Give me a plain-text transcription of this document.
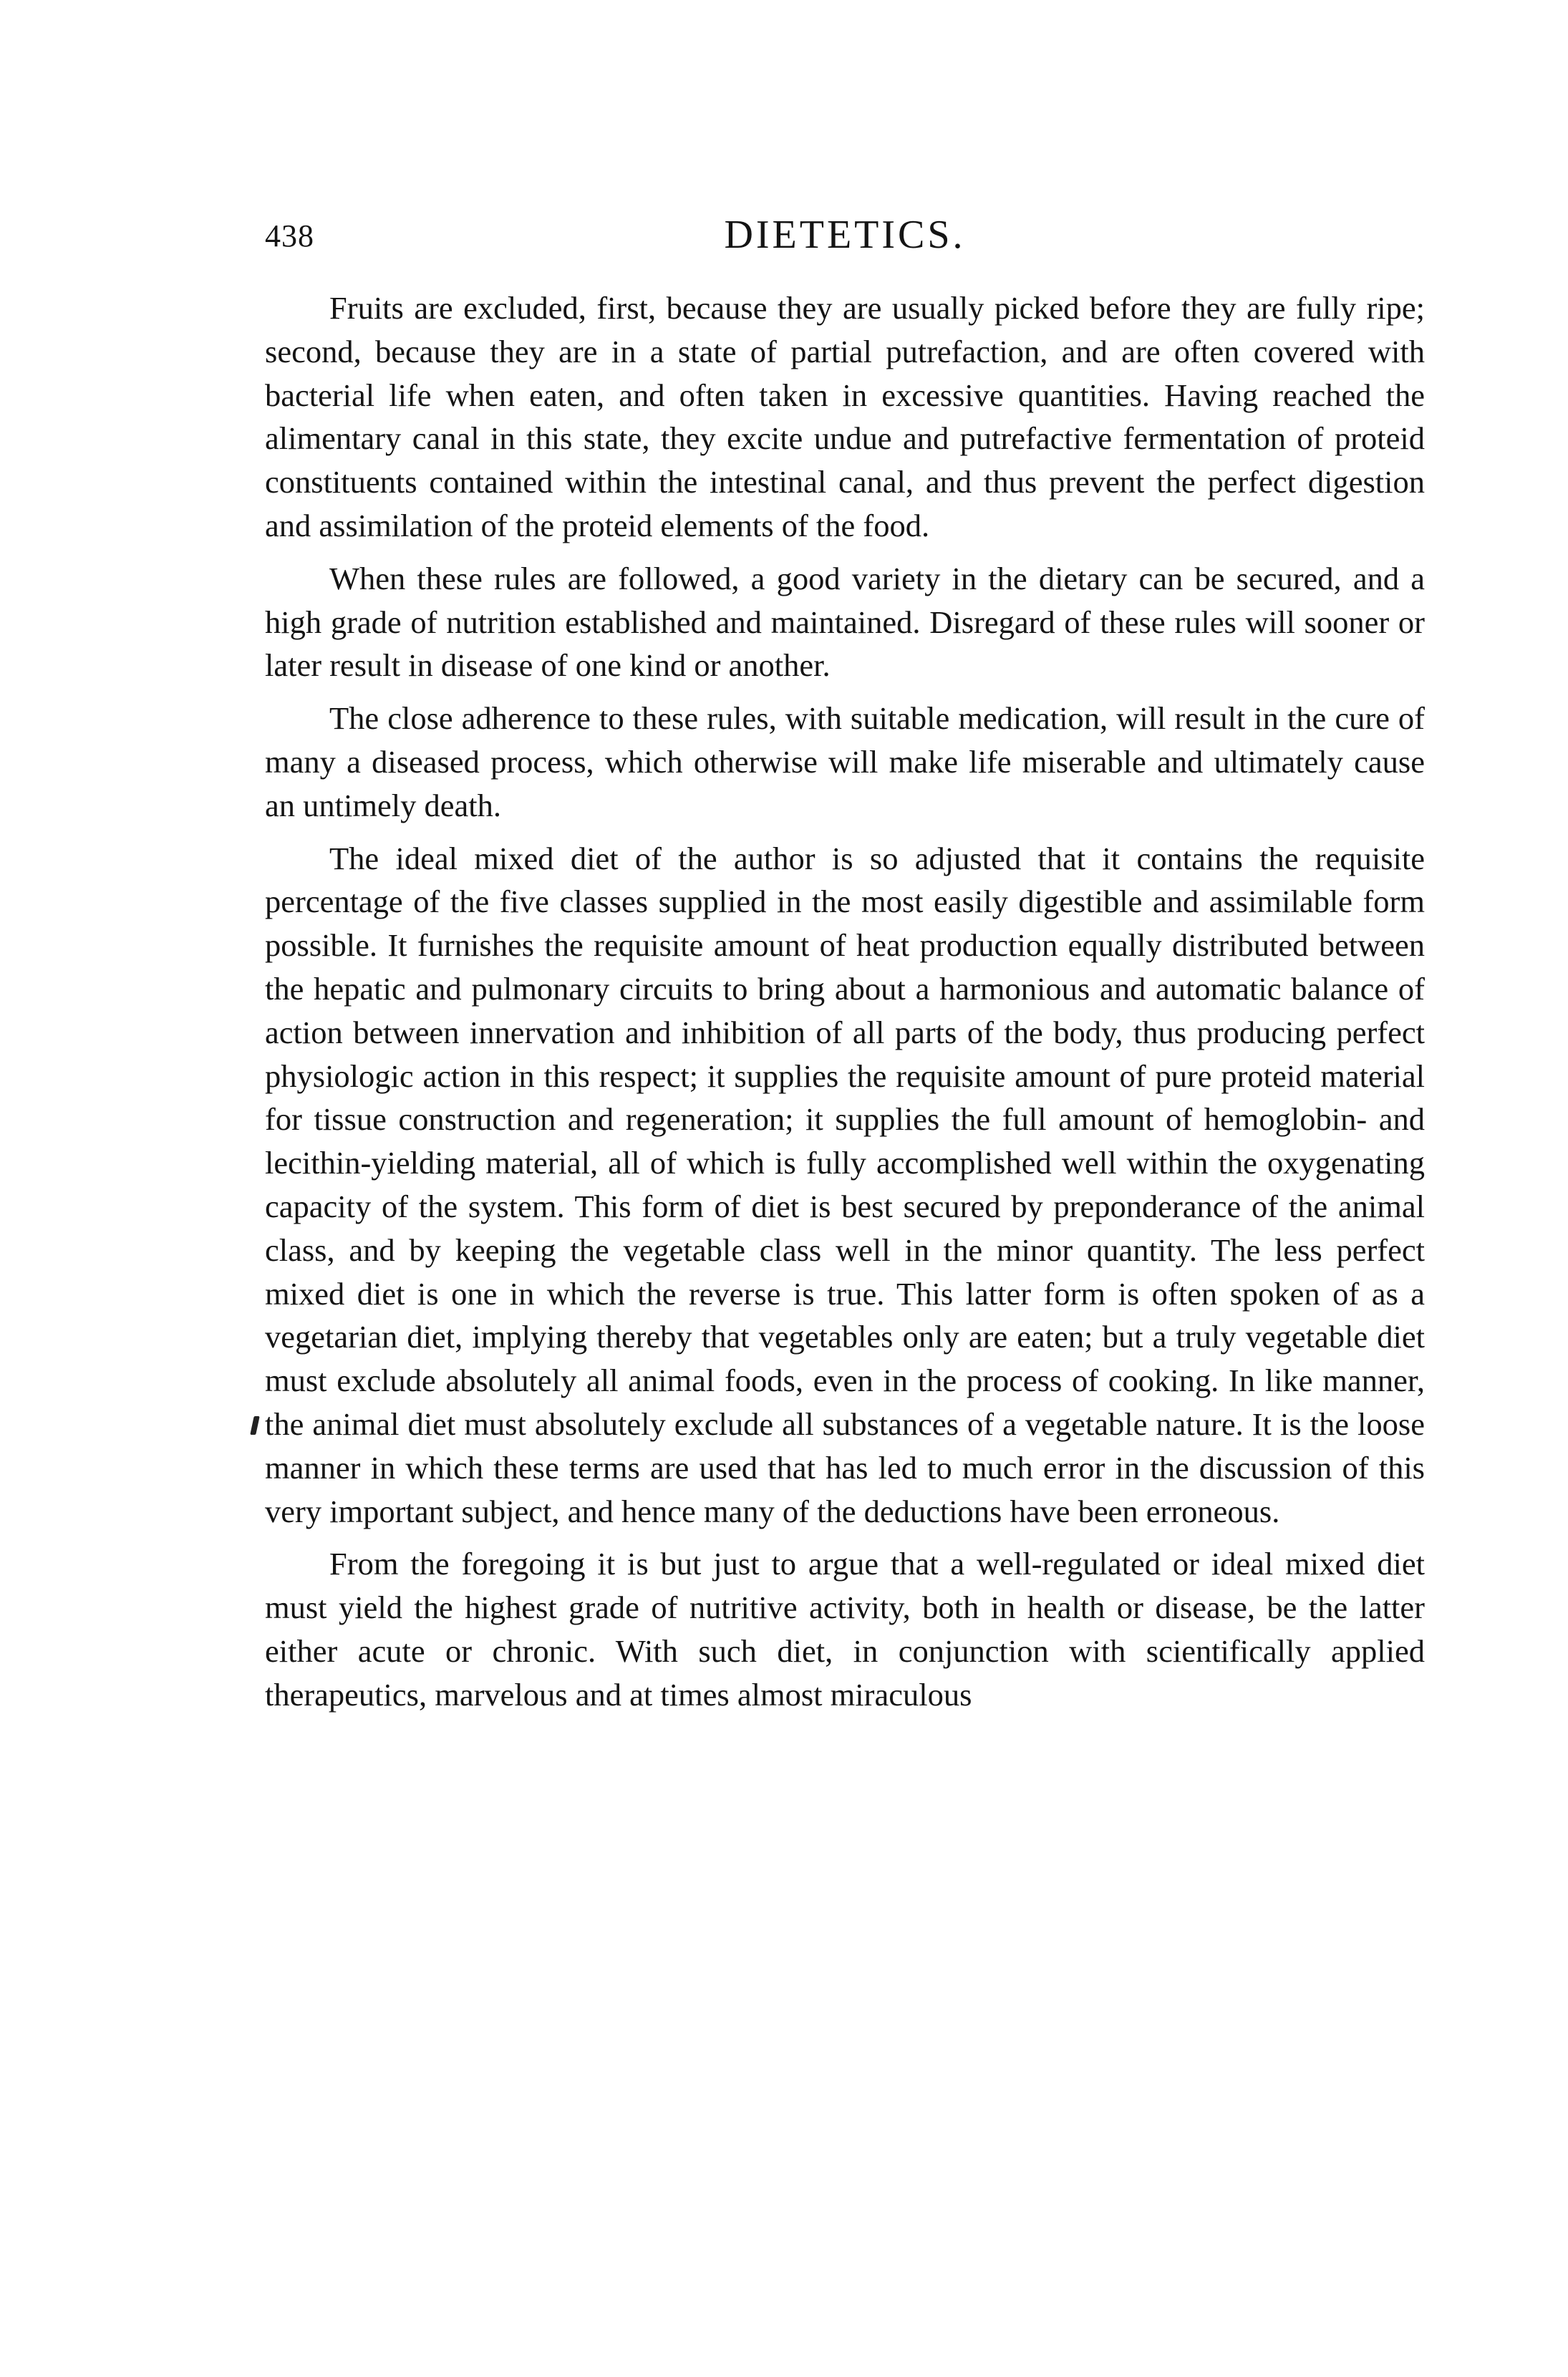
438	DIETETICS.

Fruits are excluded, first, because they are usually picked before they are fully ripe; second, because they are in a state of partial putrefaction, and are often covered with bacterial life when eaten, and often taken in excessive quantities. Having reached the alimentary canal in this state, they excite undue and putrefactive fermentation of proteid constituents contained within the intestinal canal, and thus prevent the perfect digestion and assimilation of the proteid elements of the food.

When these rules are followed, a good variety in the dietary can be secured, and a high grade of nutrition established and maintained. Disregard of these rules will sooner or later result in disease of one kind or another.

The close adherence to these rules, with suitable medication, will result in the cure of many a diseased process, which otherwise will make life miserable and ultimately cause an untimely death.

The ideal mixed diet of the author is so adjusted that it contains the requisite percentage of the five classes supplied in the most easily digestible and assimilable form possible. It furnishes the requisite amount of heat production equally distributed between the hepatic and pulmonary circuits to bring about a harmonious and automatic balance of action between innervation and inhibition of all parts of the body, thus producing perfect physiologic action in this respect; it supplies the requisite amount of pure proteid material for tissue construction and regeneration; it supplies the full amount of hemoglobin- and lecithin-yielding material, all of which is fully accomplished well within the oxygenating capacity of the system. This form of diet is best secured by preponderance of the animal class, and by keeping the vegetable class well in the minor quantity. The less perfect mixed diet is one in which the reverse is true. This latter form is often spoken of as a vegetarian diet, implying thereby that vegetables only are eaten; but a truly vegetable diet must exclude absolutely all animal foods, even in the process of cooking. In like manner, the animal diet must absolutely exclude all substances of a vegetable nature. It is the loose manner in which these terms are used that has led to much error in the discussion of this very important subject, and hence many of the deductions have been erroneous.

From the foregoing it is but just to argue that a well-regulated or ideal mixed diet must yield the highest grade of nutritive activity, both in health or disease, be the latter either acute or chronic. With such diet, in conjunction with scientifically applied therapeutics, marvelous and at times almost miraculous
